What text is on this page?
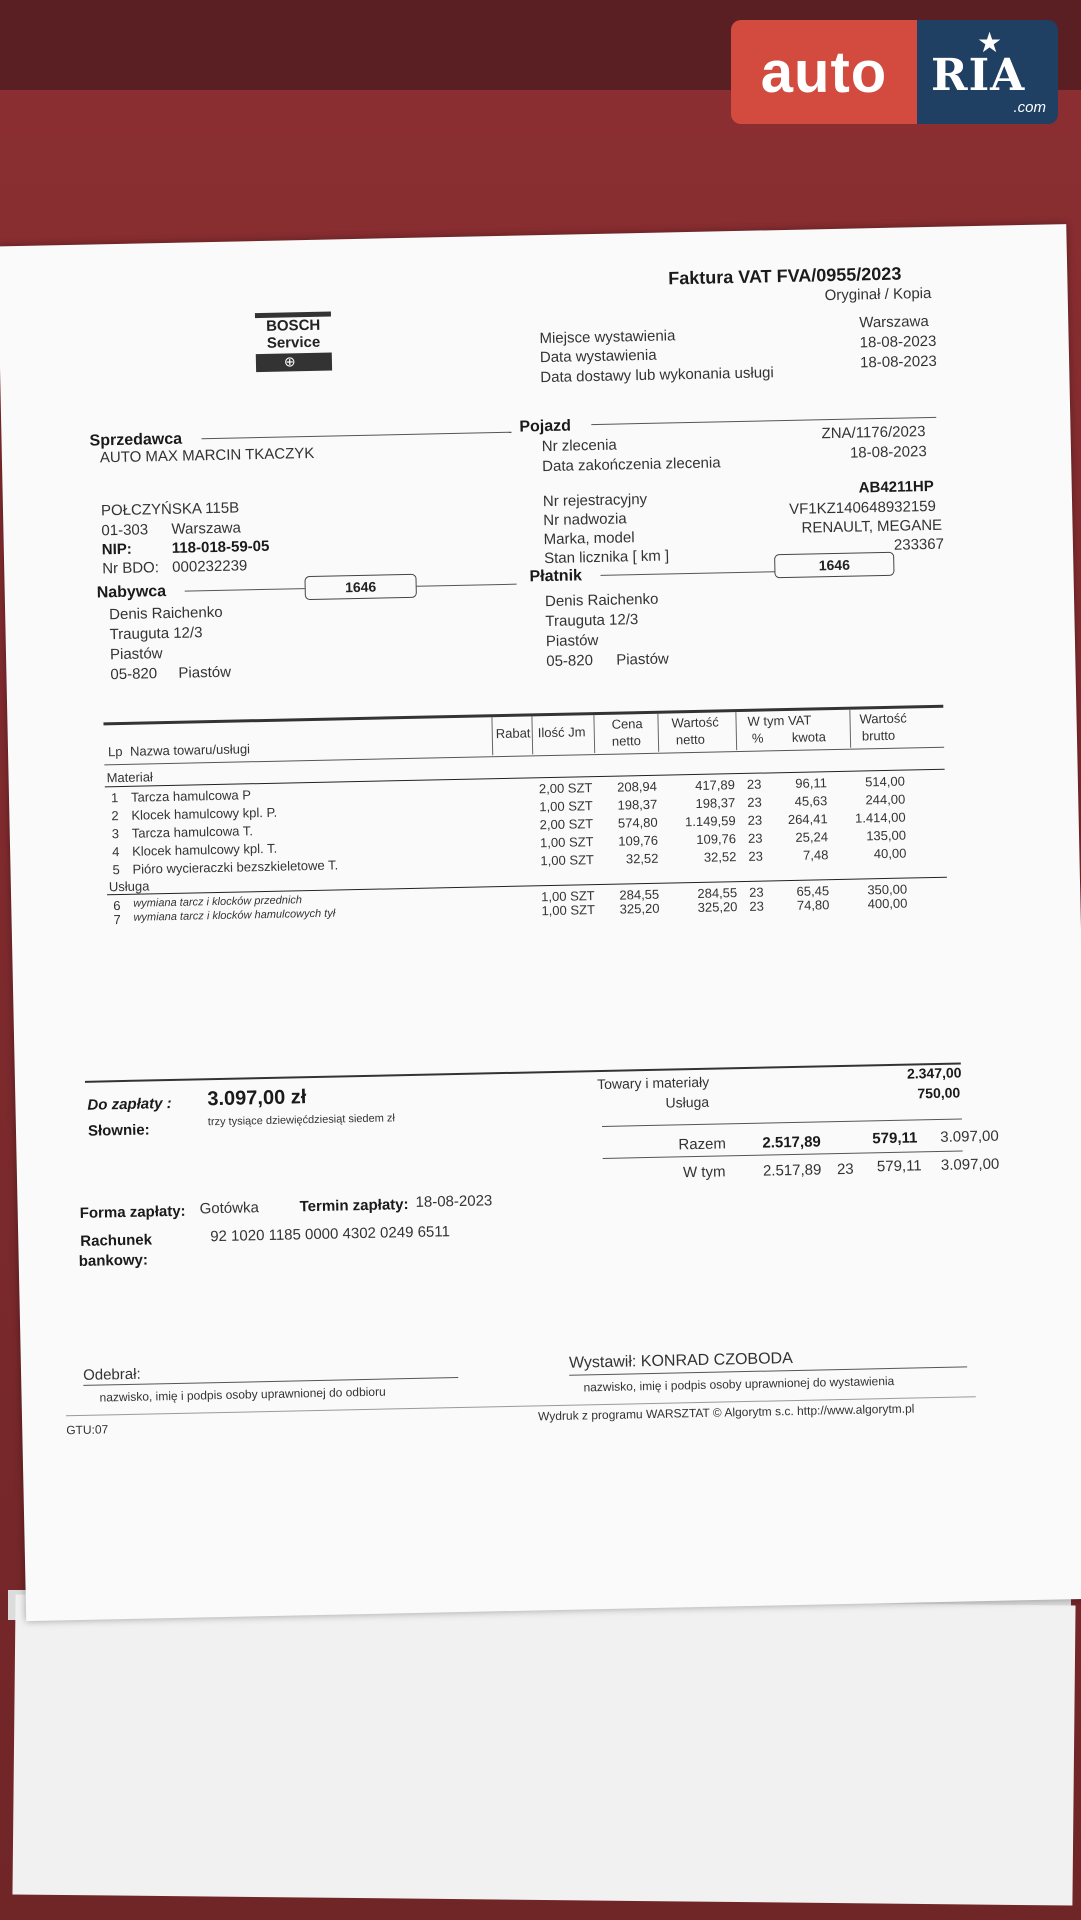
Faktura VAT FVA/0955/2023
Oryginał / Kopia
BOSCH
Service
⊕
Miejsce wystawienia
Warszawa
Data wystawienia
18-08-2023
Data dostawy lub wykonania usługi
18-08-2023
Sprzedawca
AUTO MAX MARCIN TKACZYK
POŁCZYŃSKA 115B
01-303 Warszawa
NIP:	118-018-59-05
Nr BDO: 000232239
Pojazd
Nr zlecenia
ZNA/1176/2023
Data zakończenia zlecenia
18-08-2023
Nr rejestracyjny
AB4211HP
Nr nadwozia
VF1KZ140648932159
Marka, model
RENAULT, MEGANE
Stan licznika [ km ]
233367
Nabywca	1646
Denis Raichenko
Trauguta 12/3
Piastów
05-820 Piastów
Płatnik
1646
Denis Raichenko
Trauguta 12/3
Piastów
05-820 Piastów
Lp Nazwa towaru/usługi
Rabat Ilość Jm
Cena
netto
Wartość
netto
W tym VAT
% kwota
Wartość
brutto
Materiał
1 Tarcza hamulcowa P	2,00 SZT	208,94	417,89 23	96,11	514,00
2 Klocek hamulcowy kpl. P.	1,00 SZT	198,37	198,37 23	45,63	244,00
3 Tarcza hamulcowa T.	2,00 SZT	574,80	1.149,59 23	264,41	1.414,00
4 Klocek hamulcowy kpl. T.	1,00 SZT	109,76	109,76 23	25,24	135,00
5 Pióro wycieraczki bezszkieletowe T.	1,00 SZT	32,52	32,52 23	7,48	40,00
Usługa
6 wymiana tarcz i klocków przednich	1,00 SZT	284,55	284,55 23	65,45	350,00
7 wymiana tarcz i klocków hamulcowych tył	1,00 SZT	325,20	325,20 23	74,80	400,00
Do zapłaty : 3.097,00 zł
Słownie:
trzy tysiące dziewięćdziesiąt siedem zł
Towary i materiały
2.347,00
Usługa
750,00
Razem 2.517,89	579,11 3.097,00
W tym 2.517,89 23 579,11 3.097,00
Forma zapłaty: Gotówka	Termin zapłaty: 18-08-2023
Rachunek
bankowy:
92 1020 1185 0000 4302 0249 6511
Odebrał:
nazwisko, imię i podpis osoby uprawnionej do odbioru
Wystawił: KONRAD CZOBODA
nazwisko, imię i podpis osoby uprawnionej do wystawienia
GTU:07
Wydruk z programu WARSZTAT © Algorytm s.c. http://www.algorytm.pl
auto	★
RIA
.com
